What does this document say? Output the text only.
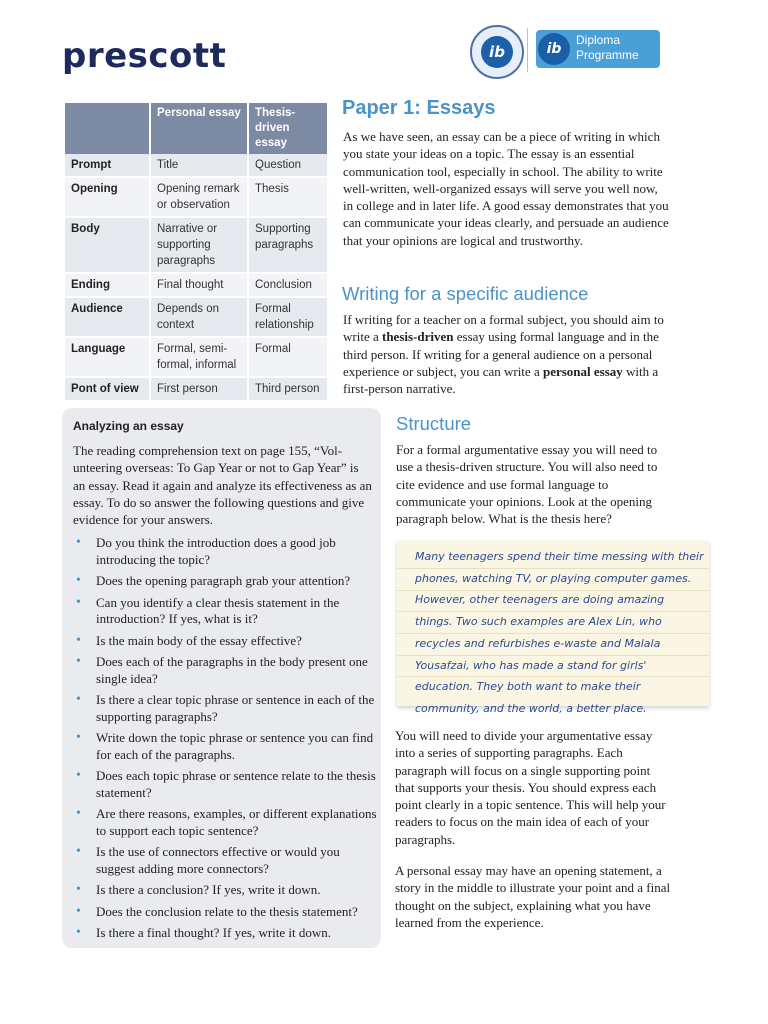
prescott	ib	ib
Diploma
Programme
	Personal essay	Thesis-driven essay
Prompt	Title	Question
Opening	Opening remark or observation	Thesis
Body	Narrative or supporting paragraphs	Supporting paragraphs
Ending	Final thought	Conclusion
Audience	Depends on context	Formal relationship
Language	Formal, semi-formal, informal	Formal
Pont of view	First person	Third person
Paper 1: Essays
As we have seen, an essay can be a piece of writing in which you state your ideas on a topic. The essay is an essential communication tool, especially in school. The ability to write well-written, well-organized essays will serve you well now, in college and in later life. A good essay demonstrates that you can communicate your ideas clearly, and persuade an audience that your opinions are logical and trustworthy.
Writing for a specific audience
If writing for a teacher on a formal subject, you should aim to write a thesis-driven essay using formal language and in the third person. If writing for a general audience on a personal experience or subject, you can write a personal essay with a first-person narrative.
Analyzing an essay
The reading comprehension text on page 155, “Vol-unteering overseas: To Gap Year or not to Gap Year” is an essay. Read it again and analyze its effectiveness as an essay. To do so answer the following questions and give evidence for your answers.
• Do you think the introduction does a good job introducing the topic?
• Does the opening paragraph grab your attention?
• Can you identify a clear thesis statement in the introduction? If yes, what is it?
• Is the main body of the essay effective?
• Does each of the paragraphs in the body present one single idea?
• Is there a clear topic phrase or sentence in each of the supporting paragraphs?
• Write down the topic phrase or sentence you can find for each of the paragraphs.
• Does each topic phrase or sentence relate to the thesis statement?
• Are there reasons, examples, or different explanations to support each topic sentence?
• Is the use of connectors effective or would you suggest adding more connectors?
• Is there a conclusion? If yes, write it down.
• Does the conclusion relate to the thesis statement?
• Is there a final thought? If yes, write it down.
Structure
For a formal argumentative essay you will need to use a thesis-driven structure. You will also need to cite evidence and use formal language to communicate your opinions. Look at the opening paragraph below. What is the thesis here?
Many teenagers spend their time messing with their phones, watching TV, or playing computer games. However, other teenagers are doing amazing things. Two such examples are Alex Lin, who recycles and refurbishes e-waste and Malala Yousafzai, who has made a stand for girls' education. They both want to make their community, and the world, a better place.
You will need to divide your argumentative essay into a series of supporting paragraphs. Each paragraph will focus on a single supporting point that supports your thesis. You should express each point clearly in a topic sentence. This will help your readers to focus on the main idea of each of your paragraphs.
A personal essay may have an opening statement, a story in the middle to illustrate your point and a final thought on the subject, explaining what you have learned from the experience.
